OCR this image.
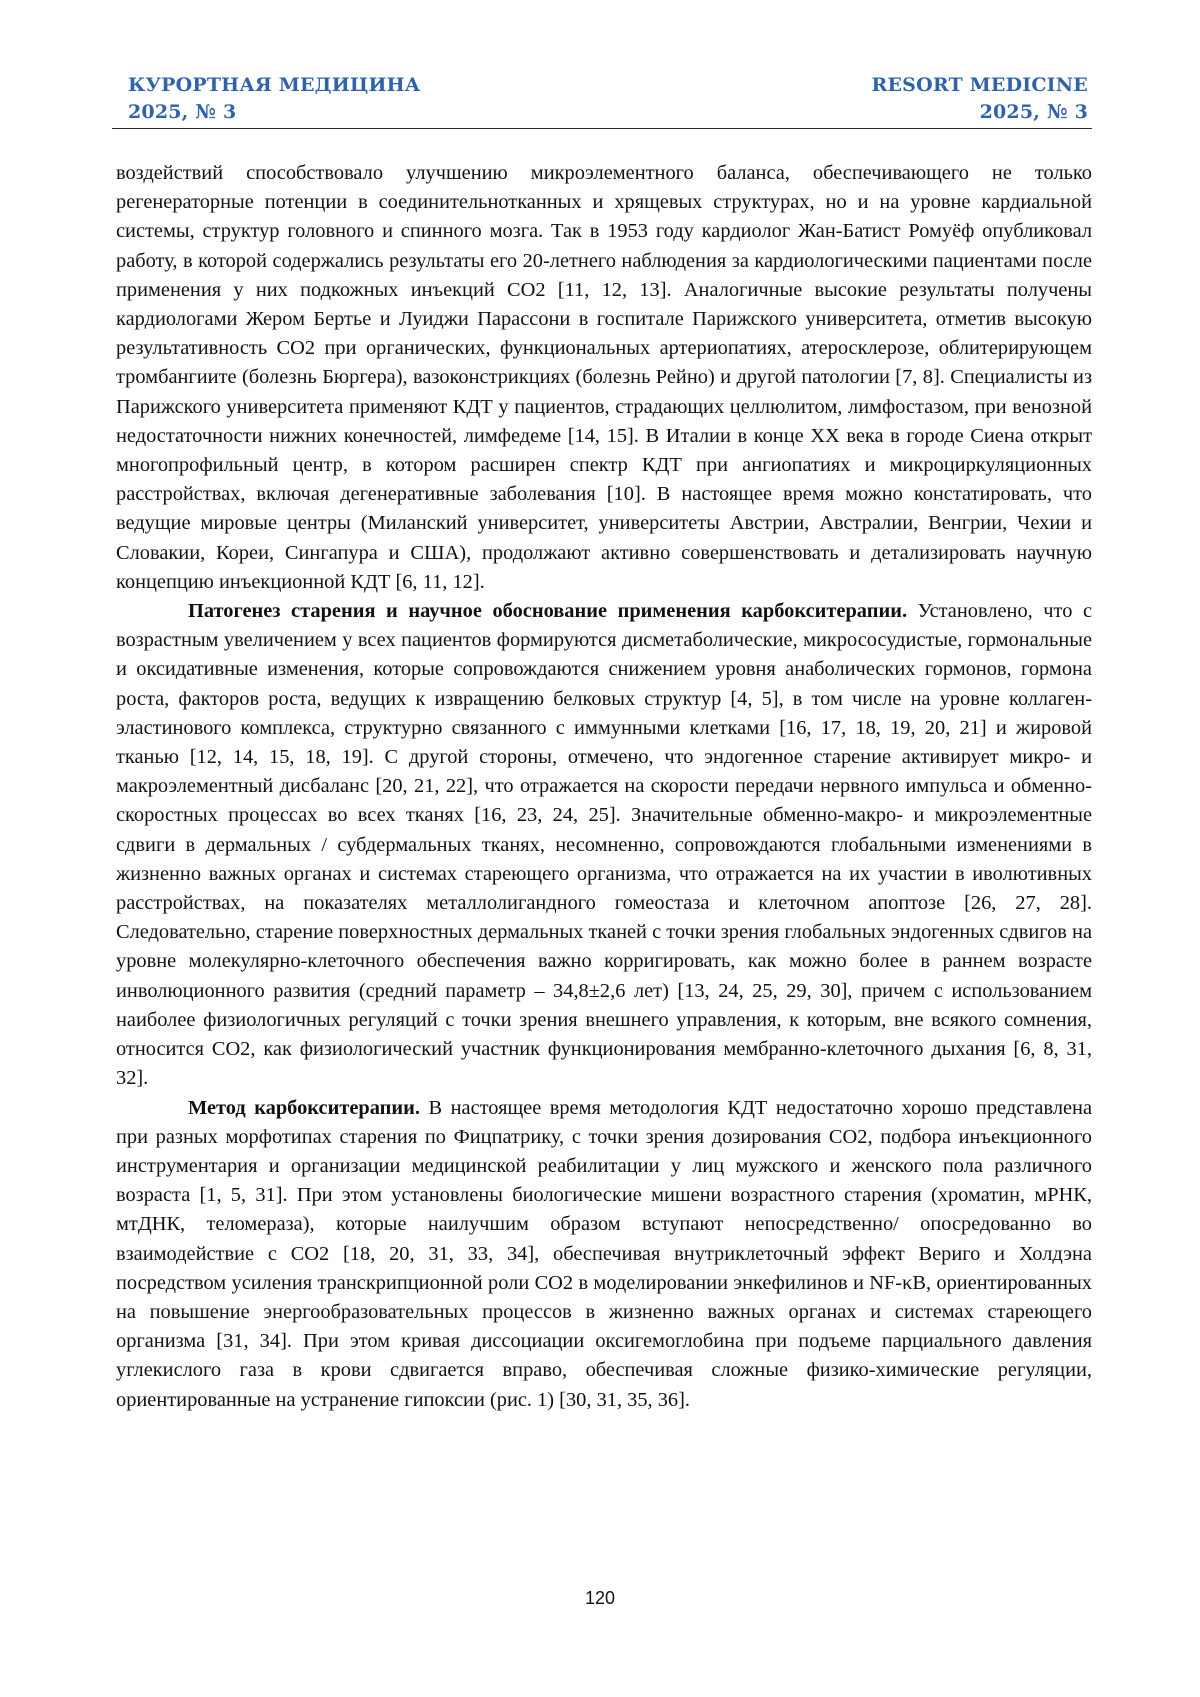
КУРОРТНАЯ МЕДИЦИНА
2025, № 3
RESORT MEDICINE
2025, № 3

воздействий способствовало улучшению микроэлементного баланса, обеспечивающего не только регенераторные потенции в соединительнотканных и хрящевых структурах, но и на уровне кардиальной системы, структур головного и спинного мозга. Так в 1953 году кардиолог Жан-Батист Ромуёф опубликовал работу, в которой содержались результаты его 20-летнего наблюдения за кардиологическими пациентами после применения у них подкожных инъекций СО2 [11, 12, 13]. Аналогичные высокие результаты получены кардиологами Жером Бертье и Луиджи Парассони в госпитале Парижского университета, отметив высокую результативность СО2 при органических, функциональных артериопатиях, атеросклерозе, облитерирующем тромбангиите (болезнь Бюргера), вазоконстрикциях (болезнь Рейно) и другой патологии [7, 8]. Специалисты из Парижского университета применяют КДТ у пациентов, страдающих целлюлитом, лимфостазом, при венозной недостаточности нижних конечностей, лимфедеме [14, 15]. В Италии в конце ХХ века в городе Сиена открыт многопрофильный центр, в котором расширен спектр КДТ при ангиопатиях и микроциркуляционных расстройствах, включая дегенеративные заболевания [10]. В настоящее время можно констатировать, что ведущие мировые центры (Миланский университет, университеты Австрии, Австралии, Венгрии, Чехии и Словакии, Кореи, Сингапура и США), продолжают активно совершенствовать и детализировать научную концепцию инъекционной КДТ [6, 11, 12].

Патогенез старения и научное обоснование применения карбокситерапии. Установлено, что с возрастным увеличением у всех пациентов формируются дисметаболические, микрососудистые, гормональные и оксидативные изменения, которые сопровождаются снижением уровня анаболических гормонов, гормона роста, факторов роста, ведущих к извращению белковых структур [4, 5], в том числе на уровне коллаген-эластинового комплекса, структурно связанного с иммунными клетками [16, 17, 18, 19, 20, 21] и жировой тканью [12, 14, 15, 18, 19]. С другой стороны, отмечено, что эндогенное старение активирует микро- и макроэлементный дисбаланс [20, 21, 22], что отражается на скорости передачи нервного импульса и обменно-скоростных процессах во всех тканях [16, 23, 24, 25]. Значительные обменно-макро- и микроэлементные сдвиги в дермальных / субдермальных тканях, несомненно, сопровождаются глобальными изменениями в жизненно важных органах и системах стареющего организма, что отражается на их участии в иволютивных расстройствах, на показателях металлолигандного гомеостаза и клеточном апоптозе [26, 27, 28]. Следовательно, старение поверхностных дермальных тканей с точки зрения глобальных эндогенных сдвигов на уровне молекулярно-клеточного обеспечения важно корригировать, как можно более в раннем возрасте инволюционного развития (средний параметр – 34,8±2,6 лет) [13, 24, 25, 29, 30], причем с использованием наиболее физиологичных регуляций с точки зрения внешнего управления, к которым, вне всякого сомнения, относится СО2, как физиологический участник функционирования мембранно-клеточного дыхания [6, 8, 31, 32].

Метод карбокситерапии. В настоящее время методология КДТ недостаточно хорошо представлена при разных морфотипах старения по Фицпатрику, с точки зрения дозирования СО2, подбора инъекционного инструментария и организации медицинской реабилитации у лиц мужского и женского пола различного возраста [1, 5, 31]. При этом установлены биологические мишени возрастного старения (хроматин, мРНК, мтДНК, теломераза), которые наилучшим образом вступают непосредственно/ опосредованно во взаимодействие с СО2 [18, 20, 31, 33, 34], обеспечивая внутриклеточный эффект Вериго и Холдэна посредством усиления транскрипционной роли СО2 в моделировании энкефилинов и NF-κB, ориентированных на повышение энергообразовательных процессов в жизненно важных органах и системах стареющего организма [31, 34]. При этом кривая диссоциации оксигемоглобина при подъеме парциального давления углекислого газа в крови сдвигается вправо, обеспечивая сложные физико-химические регуляции, ориентированные на устранение гипоксии (рис. 1) [30, 31, 35, 36].

120
